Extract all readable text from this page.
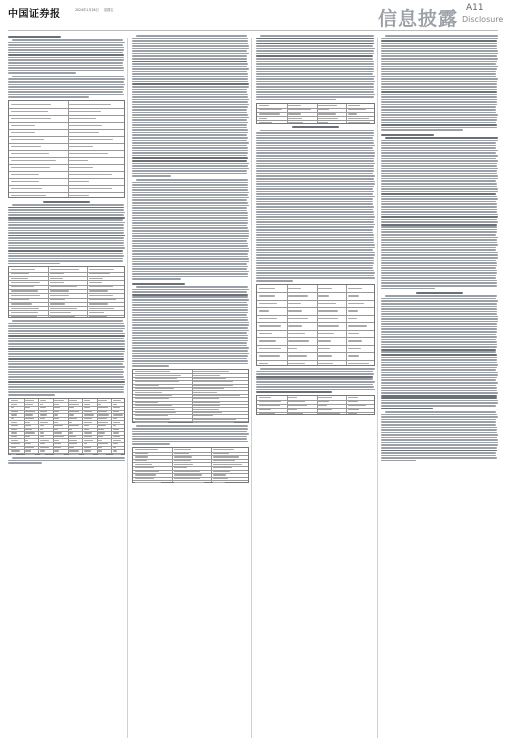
中国证券报	2024年1月26日 星期五	信息披露 A11
Disclosure
